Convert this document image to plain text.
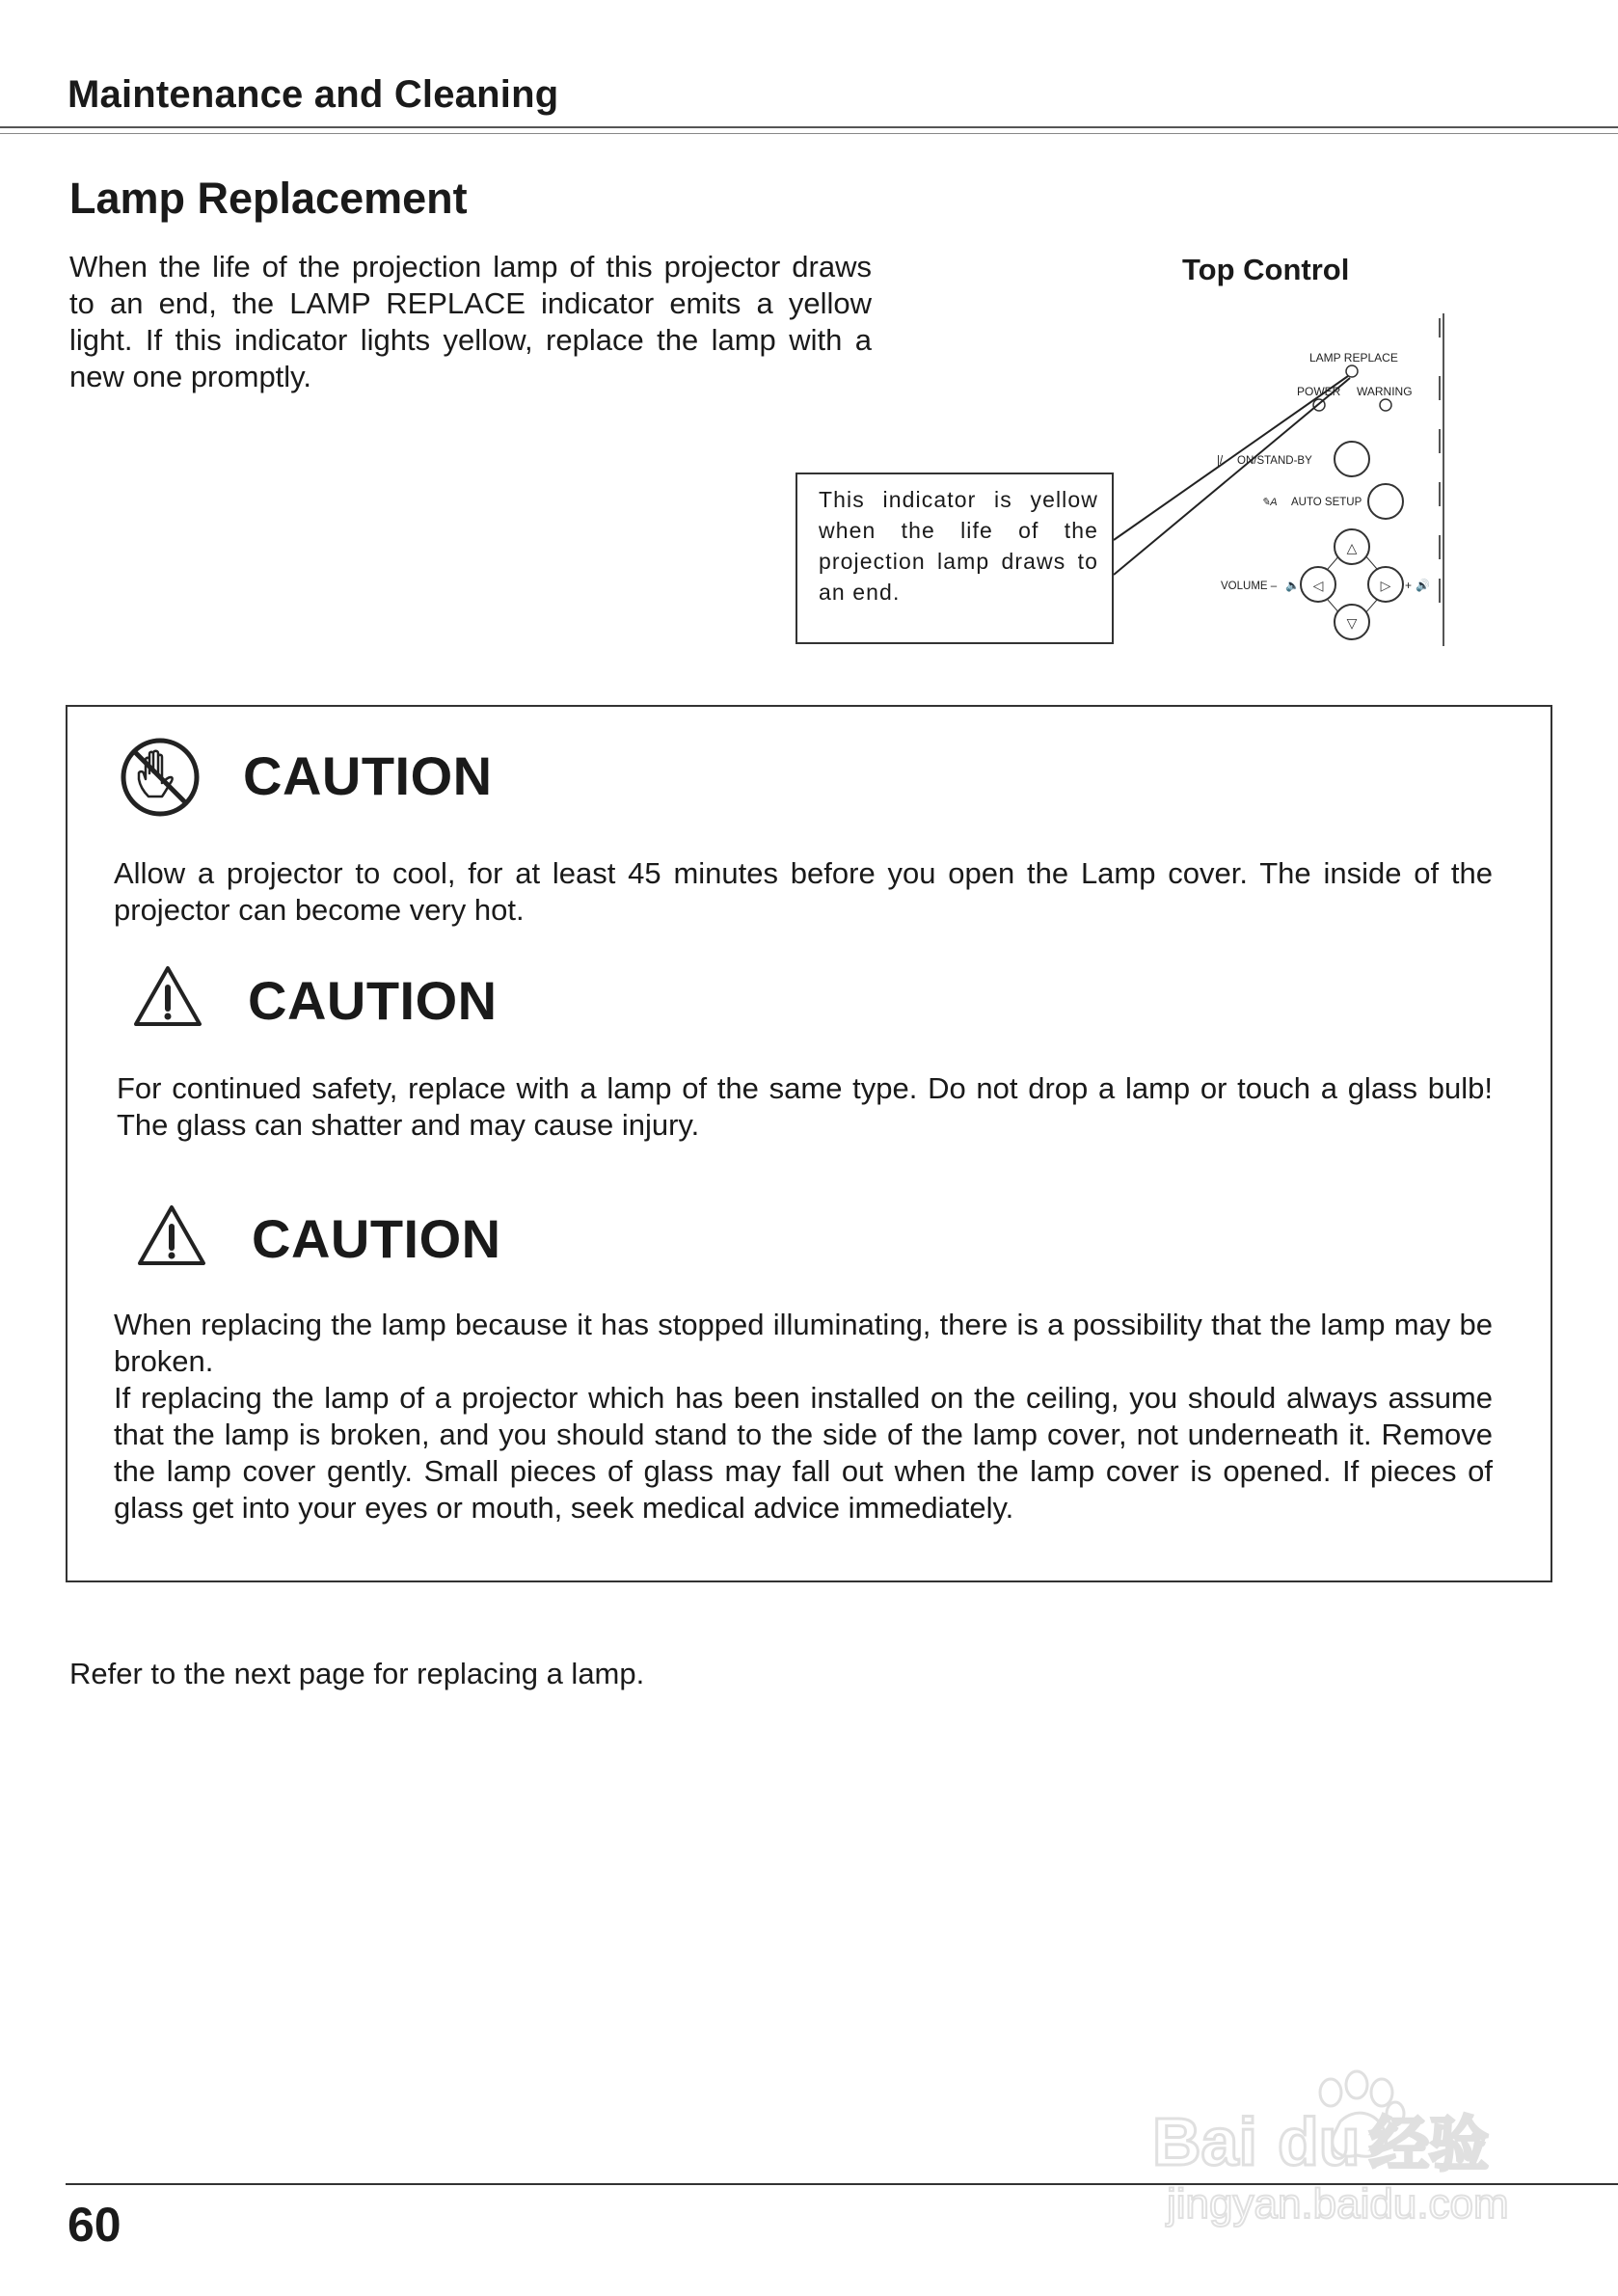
Maintenance and Cleaning
Lamp Replacement
When the life of the projection lamp of this projector draws to an end, the LAMP REPLACE indicator emits a yellow light. If this indicator lights yellow, replace the lamp with a new one promptly.
Top Control
LAMP REPLACE
POWER WARNING
|/ ON/STAND-BY
✎A AUTO SETUP
△
◁	▷
▽
VOLUME – 🔈	+ 🔊
This indicator is yellow when the life of the projection lamp draws to an end.
CAUTION
Allow a projector to cool, for at least 45 minutes before you open the Lamp cover. The inside of the projector can become very hot.
CAUTION
For continued safety, replace with a lamp of the same type. Do not drop a lamp or touch a glass bulb! The glass can shatter and may cause injury.
CAUTION
When replacing the lamp because it has stopped illuminating, there is a possibility that the lamp may be broken.
If replacing the lamp of a projector which has been installed on the ceiling, you should always assume that the lamp is broken, and you should stand to the side of the lamp cover, not underneath it. Remove the lamp cover gently. Small pieces of glass may fall out when the lamp cover is opened. If pieces of glass get into your eyes or mouth, seek medical advice immediately.
Refer to the next page for replacing a lamp.
60
Bai du 经验
jingyan.baidu.com
